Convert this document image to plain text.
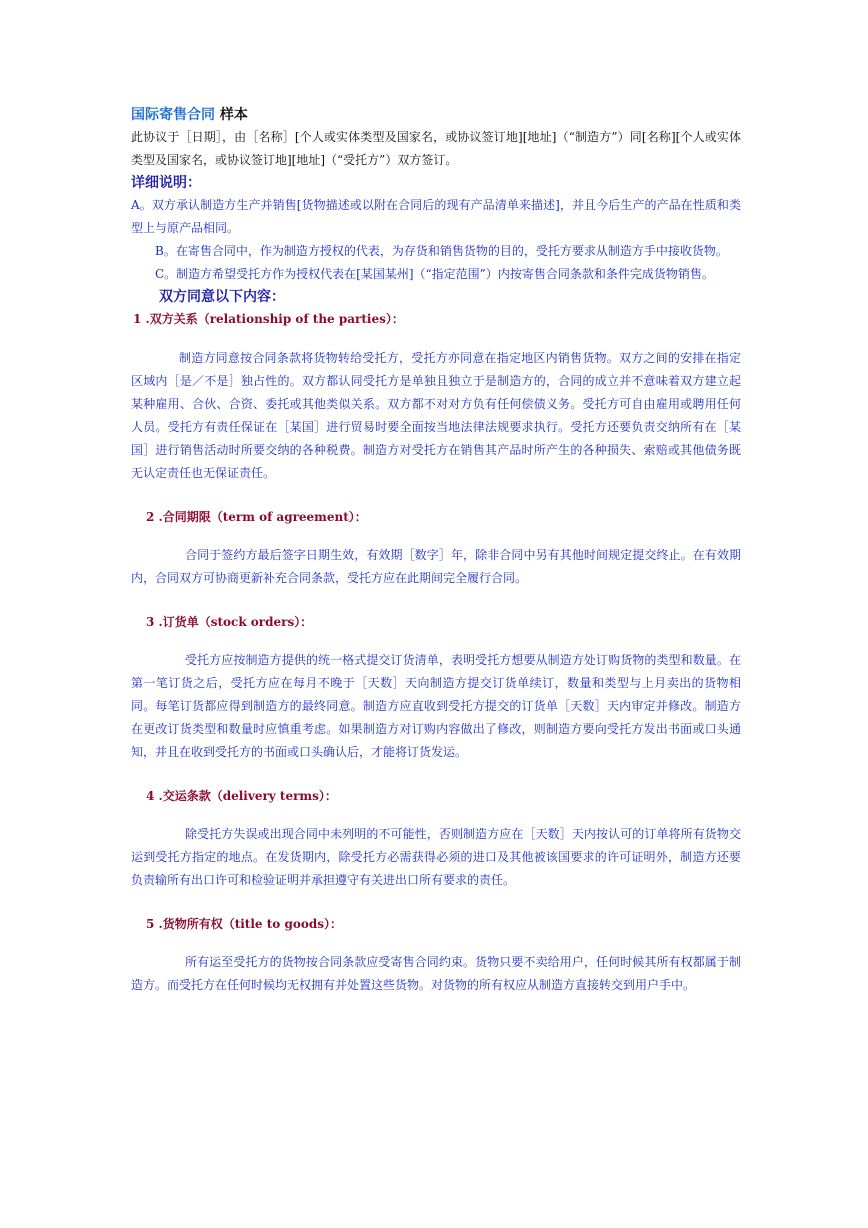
国际寄售合同 样本

此协议于［日期］，由［名称］[个人或实体类型及国家名，或协议签订地][地址]（“制造方”）同[名称][个人或实体类型及国家名，或协议签订地][地址]（“受托方”）双方签订。

详细说明：

A。双方承认制造方生产并销售[货物描述或以附在合同后的现有产品清单来描述]，并且今后生产的产品在性质和类型上与原产品相同。

B。在寄售合同中，作为制造方授权的代表，为存货和销售货物的目的，受托方要求从制造方手中接收货物。

C。制造方希望受托方作为授权代表在[某国某州]（“指定范围”）内按寄售合同条款和条件完成货物销售。

双方同意以下内容：

1 .双方关系（relationship of the parties）：

制造方同意按合同条款将货物转给受托方，受托方亦同意在指定地区内销售货物。双方之间的安排在指定区域内［是／不是］独占性的。双方都认同受托方是单独且独立于是制造方的，合同的成立并不意味着双方建立起某种雇用、合伙、合资、委托或其他类似关系。双方都不对对方负有任何偿债义务。受托方可自由雇用或聘用任何人员。受托方有责任保证在［某国］进行贸易时要全面按当地法律法规要求执行。受托方还要负责交纳所有在［某国］进行销售活动时所要交纳的各种税费。制造方对受托方在销售其产品时所产生的各种损失、索赔或其他债务既无认定责任也无保证责任。

2 .合同期限（term of agreement）：

合同于签约方最后签字日期生效，有效期［数字］年，除非合同中另有其他时间规定提交终止。在有效期内，合同双方可协商更新补充合同条款，受托方应在此期间完全履行合同。

3 .订货单（stock orders）：

受托方应按制造方提供的统一格式提交订货清单，表明受托方想要从制造方处订购货物的类型和数量。在第一笔订货之后，受托方应在每月不晚于［天数］天向制造方提交订货单续订，数量和类型与上月卖出的货物相同。每笔订货都应得到制造方的最终同意。制造方应直收到受托方提交的订货单［天数］天内审定并修改。制造方在更改订货类型和数量时应慎重考虑。如果制造方对订购内容做出了修改，则制造方要向受托方发出书面或口头通知，并且在收到受托方的书面或口头确认后，才能将订货发运。

4 .交运条款（delivery terms）：

除受托方失误或出现合同中未列明的不可能性，否则制造方应在［天数］天内按认可的订单将所有货物交运到受托方指定的地点。在发货期内，除受托方必需获得必须的进口及其他被该国要求的许可证明外，制造方还要负责输所有出口许可和检验证明并承担遵守有关进出口所有要求的责任。

5 .货物所有权（title to goods）：

所有运至受托方的货物按合同条款应受寄售合同约束。货物只要不卖给用户，任何时候其所有权都属于制造方。而受托方在任何时候均无权拥有并处置这些货物。对货物的所有权应从制造方直接转交到用户手中。
